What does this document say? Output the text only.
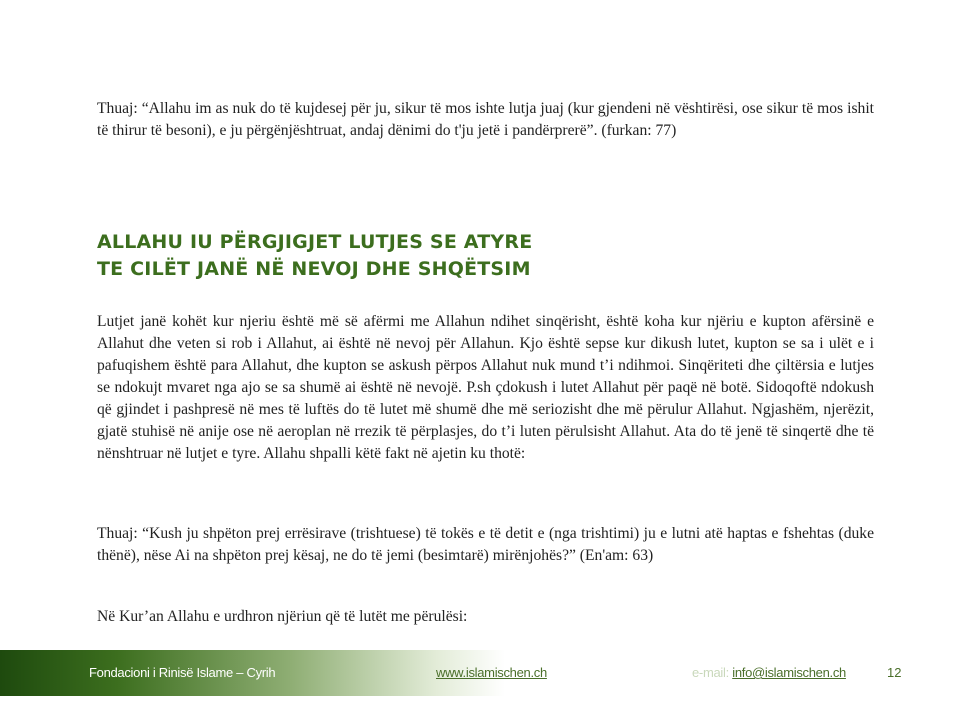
Thuaj: “Allahu im as nuk do të kujdesej për ju, sikur të mos ishte lutja juaj (kur gjendeni në vështirësi, ose sikur të mos ishit të thirur të besoni), e ju përgënjështruat, andaj dënimi do t'ju jetë i pandërprerë”. (furkan: 77)

ALLAHU IU PËRGJIGJET LUTJES SE ATYRE
TE CILËT JANË NË NEVOJ DHE SHQËTSIM

Lutjet janë kohët kur njeriu është më së afërmi me Allahun ndihet sinqërisht, është koha kur njëriu e kupton afërsinë e Allahut dhe veten si rob i Allahut, ai është në nevoj për Allahun. Kjo është sepse kur dikush lutet, kupton se sa i ulët e i pafuqishem është para Allahut, dhe kupton se askush përpos Allahut nuk mund t’i ndihmoi. Sinqëriteti dhe çiltërsia e lutjes se ndokujt mvaret nga ajo se sa shumë ai është në nevojë. P.sh çdokush i lutet Allahut për paqë në botë. Sidoqoftë ndokush që gjindet i pashpresë në mes të luftës do të lutet më shumë dhe më seriozisht dhe më përulur Allahut. Ngjashëm, njerëzit, gjatë stuhisë në anije ose në aeroplan në rrezik të përplasjes, do t’i luten përulsisht Allahut. Ata do të jenë të sinqertë dhe të nënshtruar në lutjet e tyre. Allahu shpalli këtë fakt në ajetin ku thotë:

Thuaj: “Kush ju shpëton prej errësirave (trishtuese) të tokës e të detit e (nga trishtimi) ju e lutni atë haptas e fshehtas (duke thënë), nëse Ai na shpëton prej kësaj, ne do të jemi (besimtarë) mirënjohës?” (En'am: 63)

Në Kur’an Allahu e urdhron njëriun që të lutët me përulësi:

Fondacioni i Rinisë Islame – Cyrih	www.islamischen.ch	e-mail: info@islamischen.ch	12
